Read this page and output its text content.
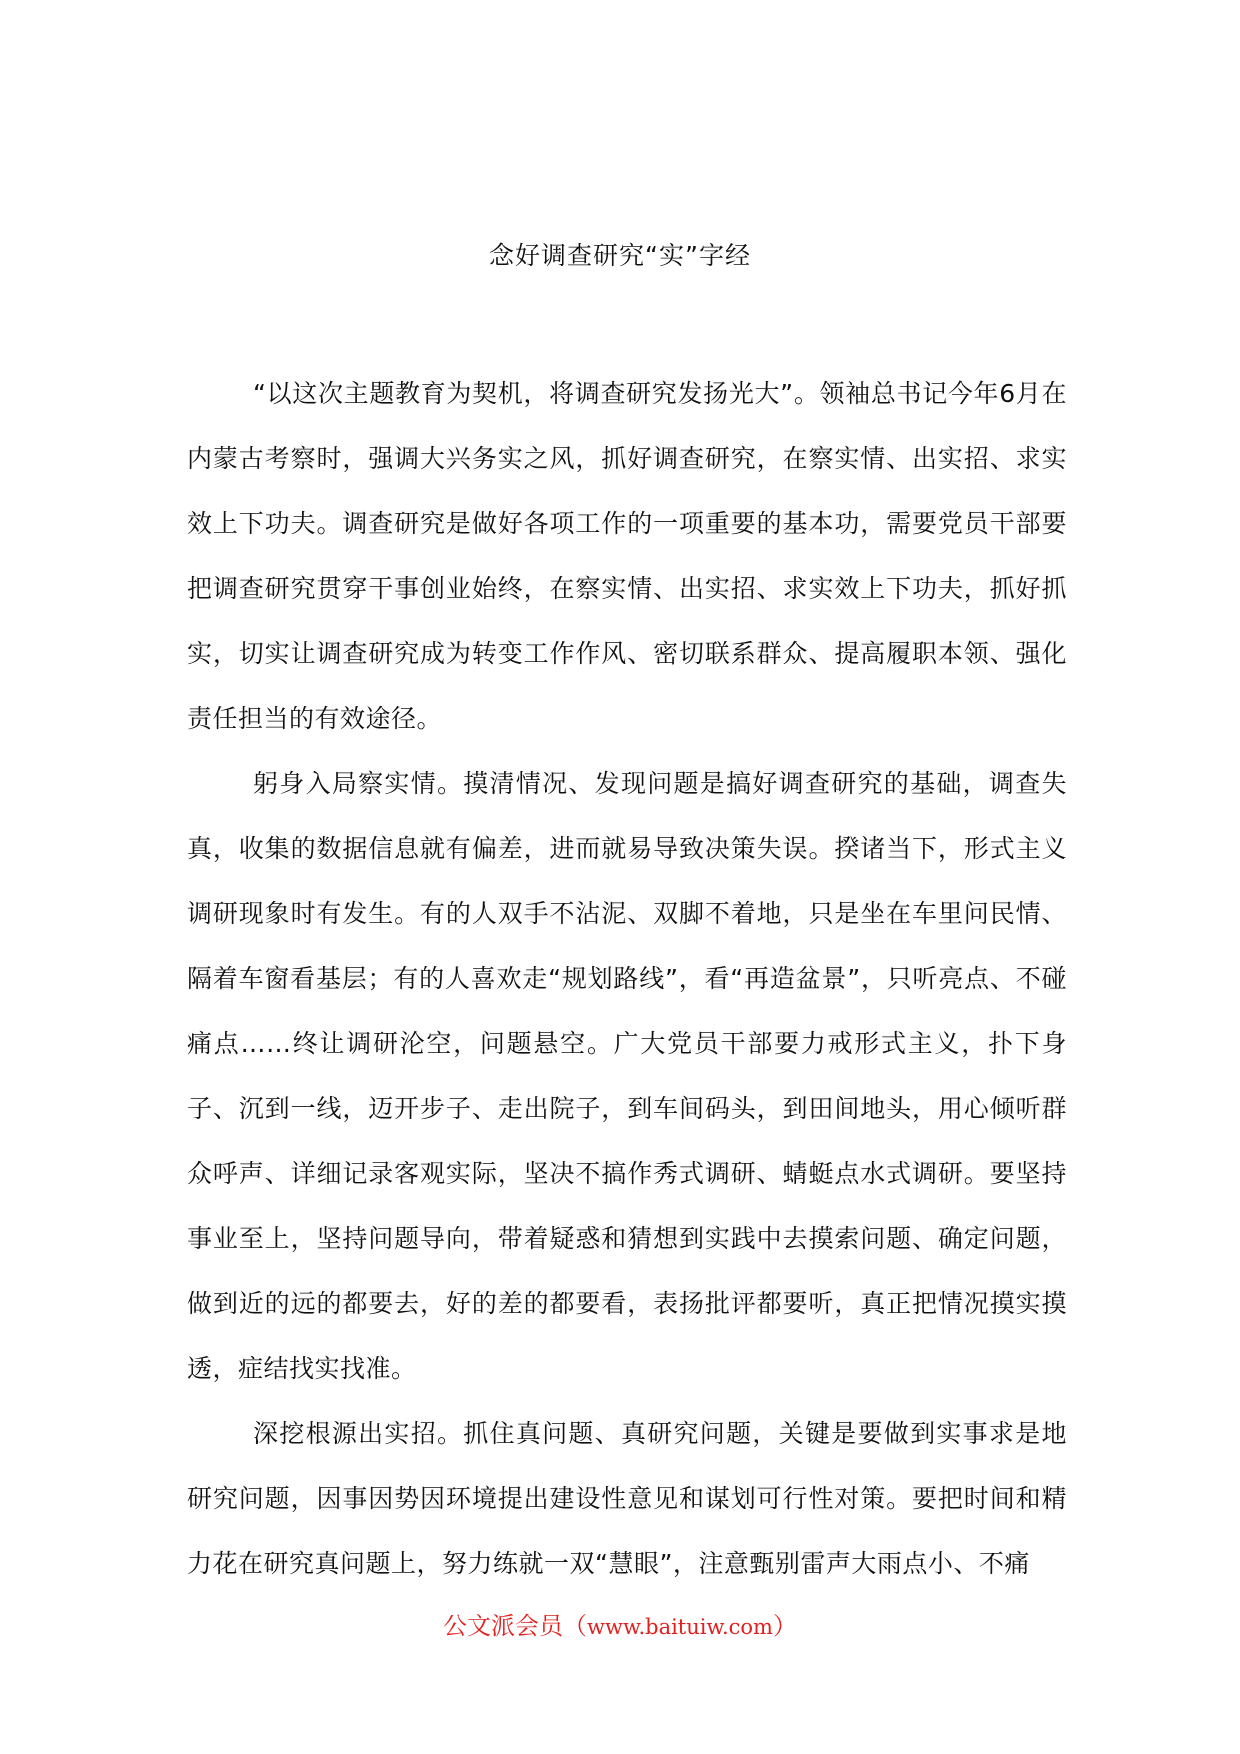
念好调查研究“实”字经

“以这次主题教育为契机，将调查研究发扬光大”。领袖总书记今年6月在内蒙古考察时，强调大兴务实之风，抓好调查研究，在察实情、出实招、求实效上下功夫。调查研究是做好各项工作的一项重要的基本功，需要党员干部要把调查研究贯穿干事创业始终，在察实情、出实招、求实效上下功夫，抓好抓实，切实让调查研究成为转变工作作风、密切联系群众、提高履职本领、强化责任担当的有效途径。

躬身入局察实情。摸清情况、发现问题是搞好调查研究的基础，调查失真，收集的数据信息就有偏差，进而就易导致决策失误。揆诸当下，形式主义调研现象时有发生。有的人双手不沾泥、双脚不着地，只是坐在车里问民情、隔着车窗看基层；有的人喜欢走“规划路线”，看“再造盆景”，只听亮点、不碰痛点……终让调研沦空，问题悬空。广大党员干部要力戒形式主义，扑下身子、沉到一线，迈开步子、走出院子，到车间码头，到田间地头，用心倾听群众呼声、详细记录客观实际，坚决不搞作秀式调研、蜻蜓点水式调研。要坚持事业至上，坚持问题导向，带着疑惑和猜想到实践中去摸索问题、确定问题，做到近的远的都要去，好的差的都要看，表扬批评都要听，真正把情况摸实摸透，症结找实找准。

深挖根源出实招。抓住真问题、真研究问题，关键是要做到实事求是地研究问题，因事因势因环境提出建设性意见和谋划可行性对策。要把时间和精力花在研究真问题上，努力练就一双“慧眼”，注意甄别雷声大雨点小、不痛

公文派会员（www.baituiw.com）
